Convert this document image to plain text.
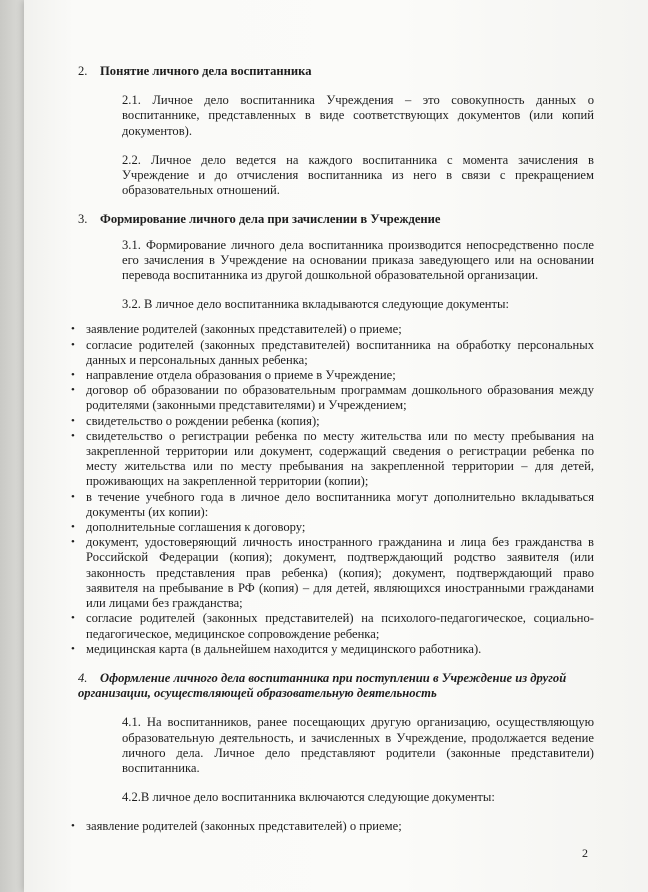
2. Понятие личного дела воспитанника

2.1. Личное дело воспитанника Учреждения – это совокупность данных о воспитаннике, представленных в виде соответствующих документов (или копий документов).

2.2. Личное дело ведется на каждого воспитанника с момента зачисления в Учреждение и до отчисления воспитанника из него в связи с прекращением образовательных отношений.

3. Формирование личного дела при зачислении в Учреждение

3.1. Формирование личного дела воспитанника производится непосредственно после его зачисления в Учреждение на основании приказа заведующего или на основании перевода воспитанника из другой дошкольной образовательной организации.

3.2. В личное дело воспитанника вкладываются следующие документы:

• заявление родителей (законных представителей) о приеме;
• согласие родителей (законных представителей) воспитанника на обработку персональных данных и персональных данных ребенка;
• направление отдела образования о приеме в Учреждение;
• договор об образовании по образовательным программам дошкольного образования между родителями (законными представителями) и Учреждением;
• свидетельство о рождении ребенка (копия);
• свидетельство о регистрации ребенка по месту жительства или по месту пребывания на закрепленной территории или документ, содержащий сведения о регистрации ребенка по месту жительства или по месту пребывания на закрепленной территории – для детей, проживающих на закрепленной территории (копии);
• в течение учебного года в личное дело воспитанника могут дополнительно вкладываться документы (их копии):
• дополнительные соглашения к договору;
• документ, удостоверяющий личность иностранного гражданина и лица без гражданства в Российской Федерации (копия); документ, подтверждающий родство заявителя (или законность представления прав ребенка) (копия); документ, подтверждающий право заявителя на пребывание в РФ (копия) – для детей, являющихся иностранными гражданами или лицами без гражданства;
• согласие родителей (законных представителей) на психолого-педагогическое, социально-педагогическое, медицинское сопровождение ребенка;
• медицинская карта (в дальнейшем находится у медицинского работника).

4. Оформление личного дела воспитанника при поступлении в Учреждение из другой организации, осуществляющей образовательную деятельность

4.1. На воспитанников, ранее посещающих другую организацию, осуществляющую образовательную деятельность, и зачисленных в Учреждение, продолжается ведение личного дела. Личное дело представляют родители (законные представители) воспитанника.

4.2.В личное дело воспитанника включаются следующие документы:

• заявление родителей (законных представителей) о приеме;
2
